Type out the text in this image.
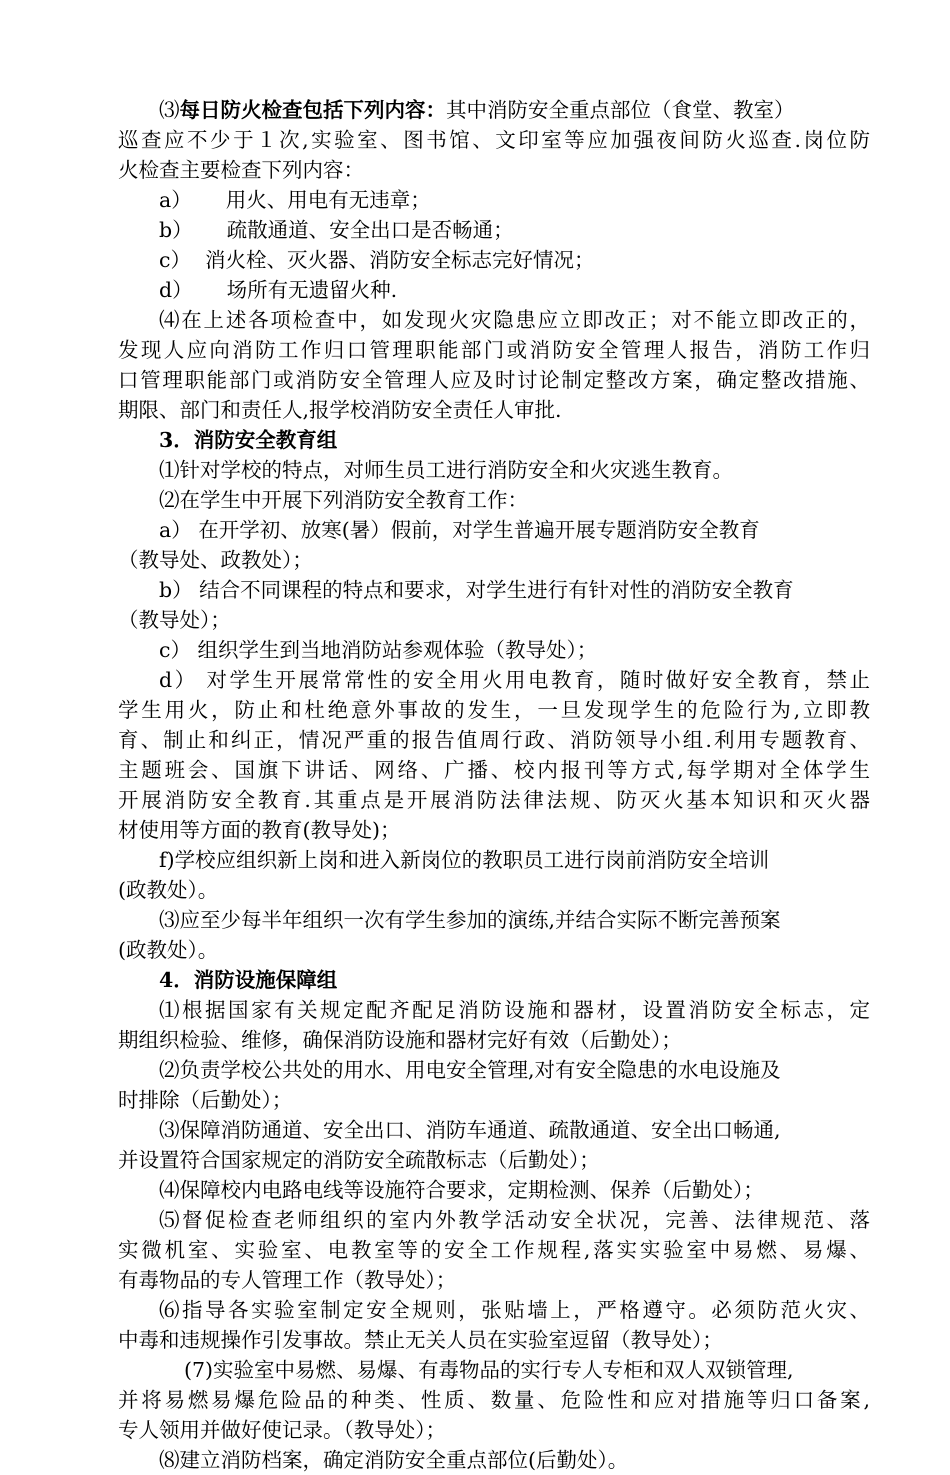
⑶每日防火检查包括下列内容：其中消防安全重点部位（食堂、教室）
巡查应不少于１次,实验室、图书馆、文印室等应加强夜间防火巡查.岗位防
火检查主要检查下列内容：
a） 用火、用电有无违章；
b） 疏散通道、安全出口是否畅通；
c） 消火栓、灭火器、消防安全标志完好情况；
d） 场所有无遗留火种.
⑷在上述各项检查中，如发现火灾隐患应立即改正；对不能立即改正的，
发现人应向消防工作归口管理职能部门或消防安全管理人报告，消防工作归
口管理职能部门或消防安全管理人应及时讨论制定整改方案，确定整改措施、
期限、部门和责任人,报学校消防安全责任人审批.
3．消防安全教育组
⑴针对学校的特点，对师生员工进行消防安全和火灾逃生教育。
⑵在学生中开展下列消防安全教育工作：
a） 在开学初、放寒(暑）假前，对学生普遍开展专题消防安全教育
（教导处、政教处）；
b） 结合不同课程的特点和要求，对学生进行有针对性的消防安全教育
（教导处）；
c） 组织学生到当地消防站参观体验（教导处）；
d） 对学生开展常常性的安全用火用电教育，随时做好安全教育，禁止
学生用火，防止和杜绝意外事故的发生，一旦发现学生的危险行为,立即教
育、制止和纠正，情况严重的报告值周行政、消防领导小组.利用专题教育、
主题班会、国旗下讲话、网络、广播、校内报刊等方式,每学期对全体学生
开展消防安全教育.其重点是开展消防法律法规、防灭火基本知识和灭火器
材使用等方面的教育(教导处)；
f)学校应组织新上岗和进入新岗位的教职员工进行岗前消防安全培训
(政教处）。
⑶应至少每半年组织一次有学生参加的演练,并结合实际不断完善预案
(政教处）。
4．消防设施保障组
⑴根据国家有关规定配齐配足消防设施和器材，设置消防安全标志，定
期组织检验、维修，确保消防设施和器材完好有效（后勤处）；
⑵负责学校公共处的用水、用电安全管理,对有安全隐患的水电设施及
时排除（后勤处）；
⑶保障消防通道、安全出口、消防车通道、疏散通道、安全出口畅通,
并设置符合国家规定的消防安全疏散标志（后勤处）；
⑷保障校内电路电线等设施符合要求，定期检测、保养（后勤处）；
⑸督促检查老师组织的室内外教学活动安全状况，完善、法律规范、落
实微机室、实验室、电教室等的安全工作规程,落实实验室中易燃、易爆、
有毒物品的专人管理工作（教导处）；
⑹指导各实验室制定安全规则，张贴墙上，严格遵守。必须防范火灾、
中毒和违规操作引发事故。禁止无关人员在实验室逗留（教导处）；
(7)实验室中易燃、易爆、有毒物品的实行专人专柜和双人双锁管理,
并将易燃易爆危险品的种类、性质、数量、危险性和应对措施等归口备案,
专人领用并做好使记录。（教导处）；
⑻建立消防档案，确定消防安全重点部位(后勤处）。
